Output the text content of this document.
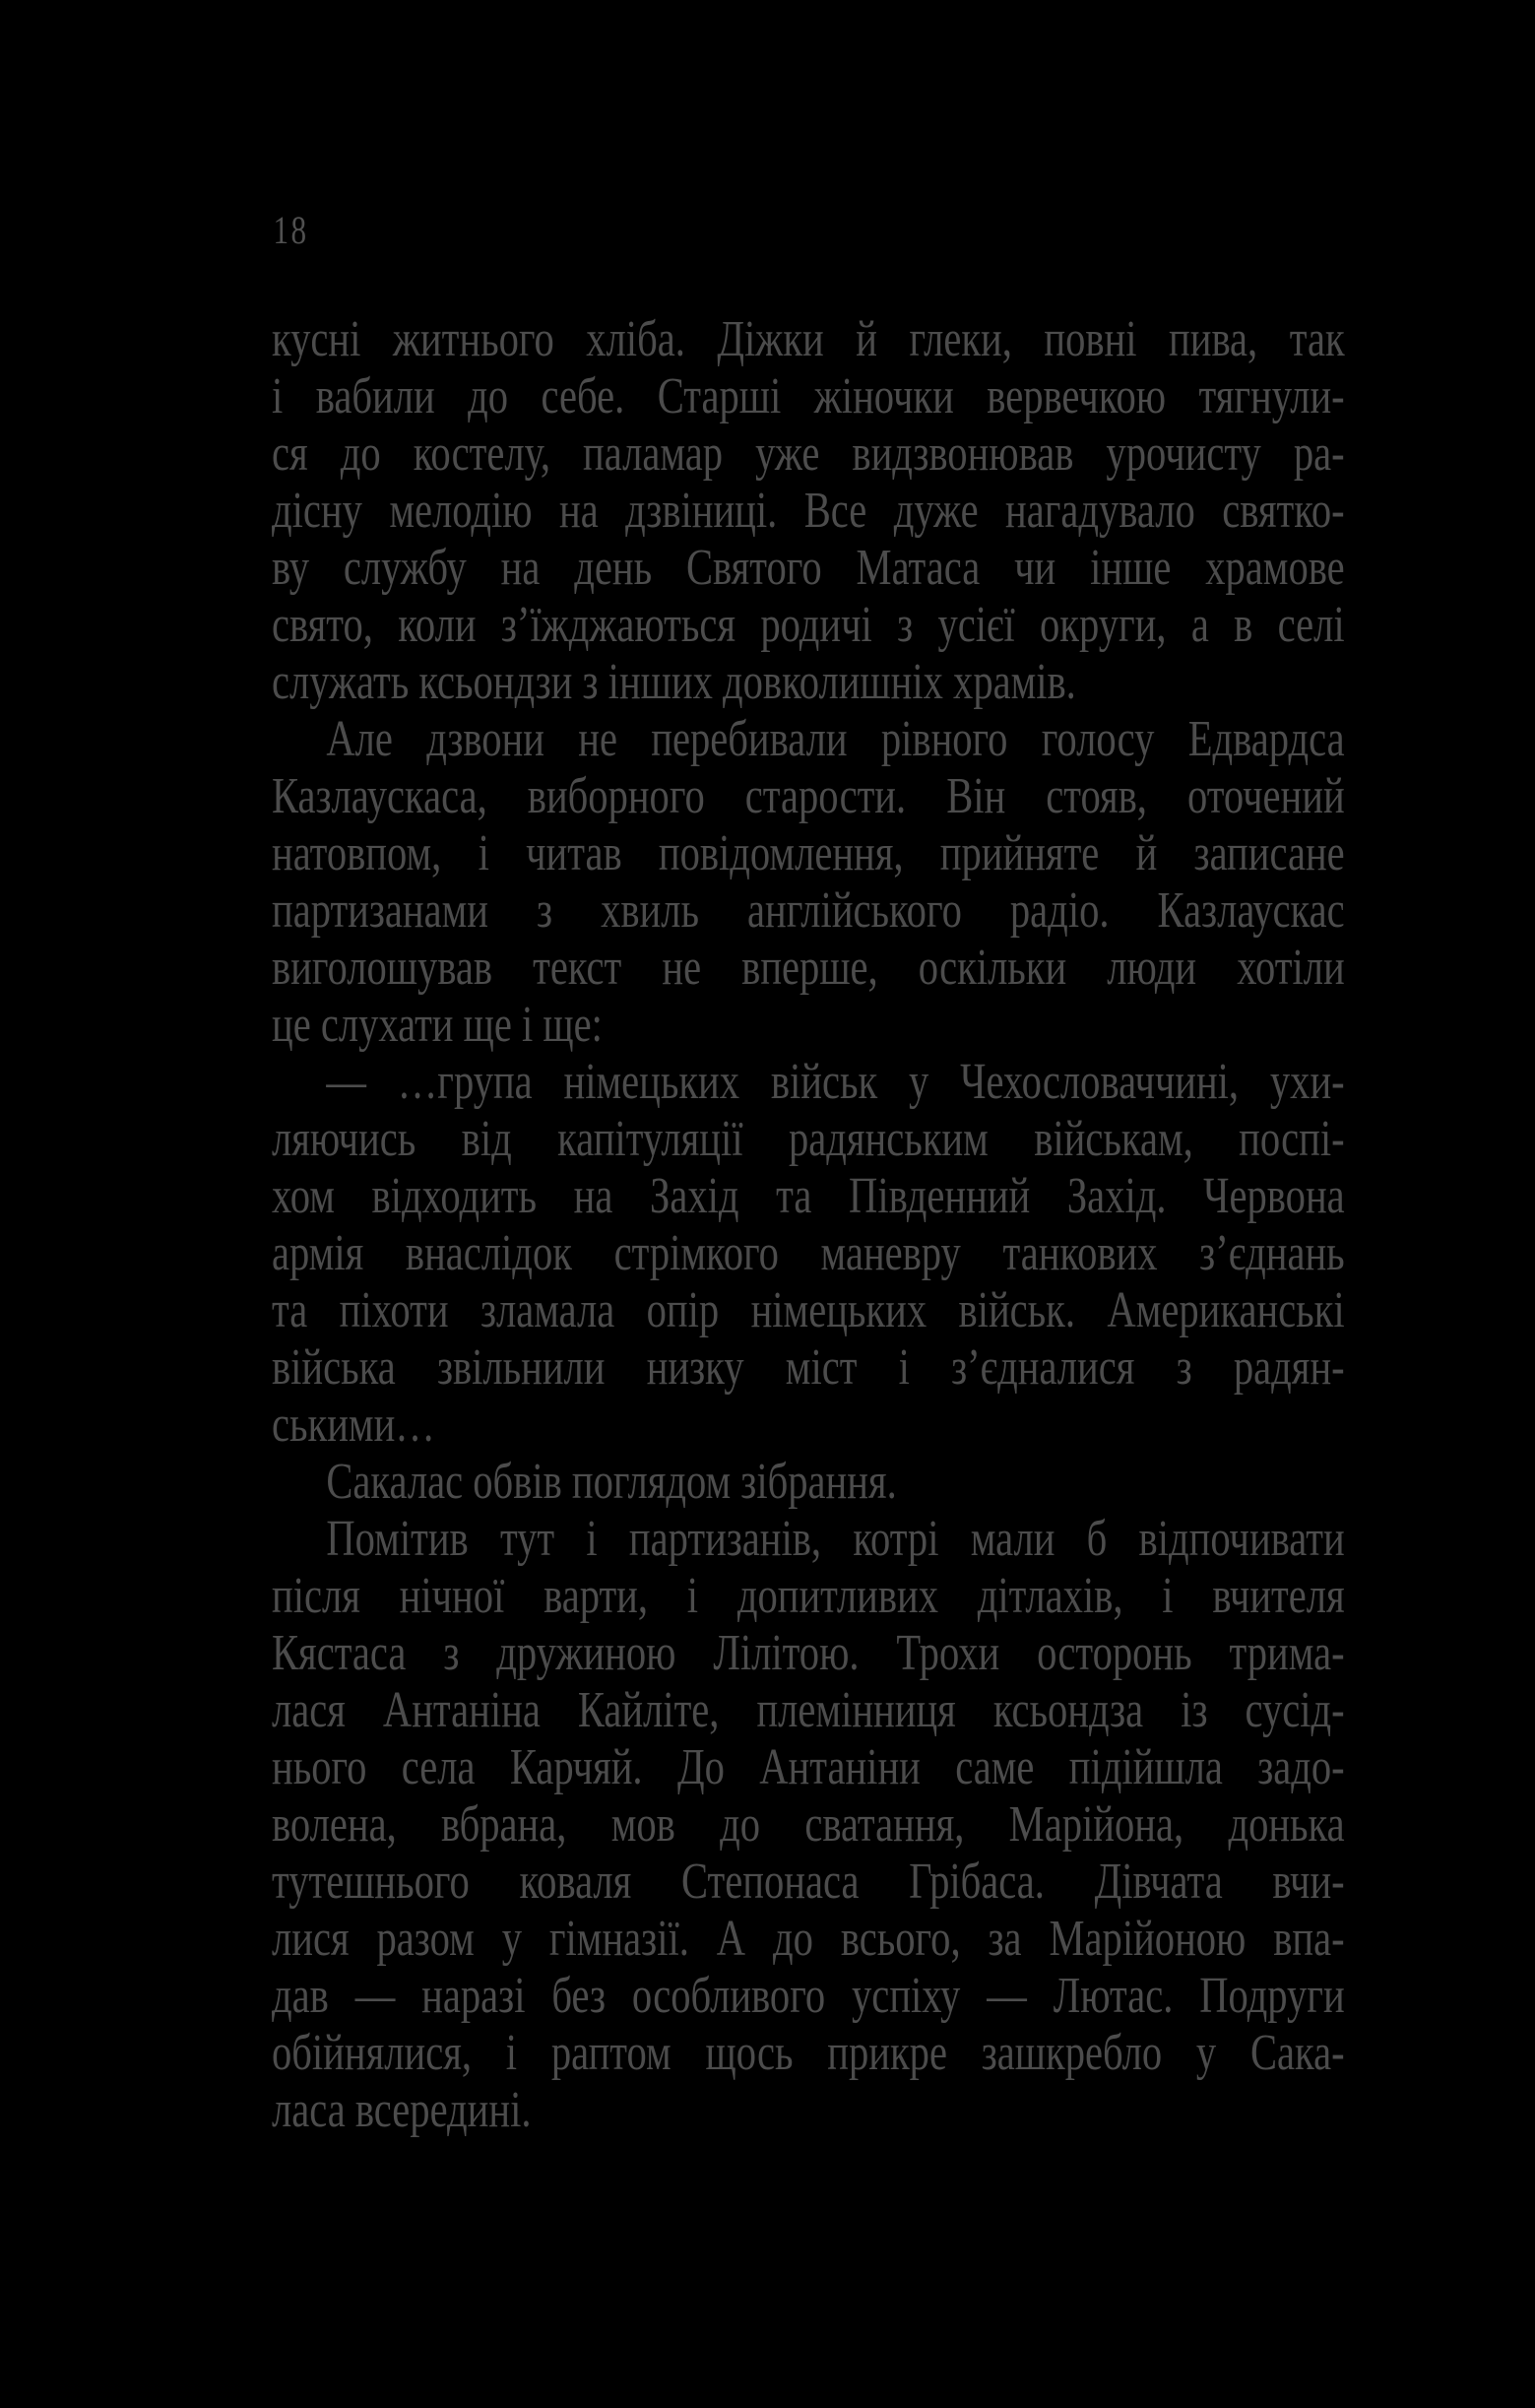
18
кусні житнього хліба. Діжки й глеки, повні пива, так
і вабили до себе. Старші жіночки вервечкою тягнули-
ся до костелу, паламар уже видзвонював урочисту ра-
дісну мелодію на дзвіниці. Все дуже нагадувало святко-
ву службу на день Святого Матаса чи інше храмове
свято, коли з’їжджаються родичі з усієї округи, а в селі
служать ксьондзи з інших довколишніх храмів.
Але дзвони не перебивали рівного голосу Едвардса
Казлаускаса, виборного старости. Він стояв, оточений
натовпом, і читав повідомлення, прийняте й записане
партизанами з хвиль англійського радіо. Казлаускас
виголошував текст не вперше, оскільки люди хотіли
це слухати ще і ще:
— …група німецьких військ у Чехословаччині, ухи-
ляючись від капітуляції радянським військам, поспі-
хом відходить на Захід та Південний Захід. Червона
армія внаслідок стрімкого маневру танкових з’єднань
та піхоти зламала опір німецьких військ. Американські
війська звільнили низку міст і з’єдналися з радян-
ськими…
Сакалас обвів поглядом зібрання.
Помітив тут і партизанів, котрі мали б відпочивати
після нічної варти, і допитливих дітлахів, і вчителя
Кястаса з дружиною Лілітою. Трохи осторонь трима-
лася Антаніна Кайліте, племінниця ксьондза із сусід-
нього села Карчяй. До Антаніни саме підійшла задо-
волена, вбрана, мов до сватання, Марійона, донька
тутешнього коваля Степонаса Грібаса. Дівчата вчи-
лися разом у гімназії. А до всього, за Марійоною впа-
дав — наразі без особливого успіху — Лютас. Подруги
обійнялися, і раптом щось прикре зашкребло у Сака-
ласа всередині.
